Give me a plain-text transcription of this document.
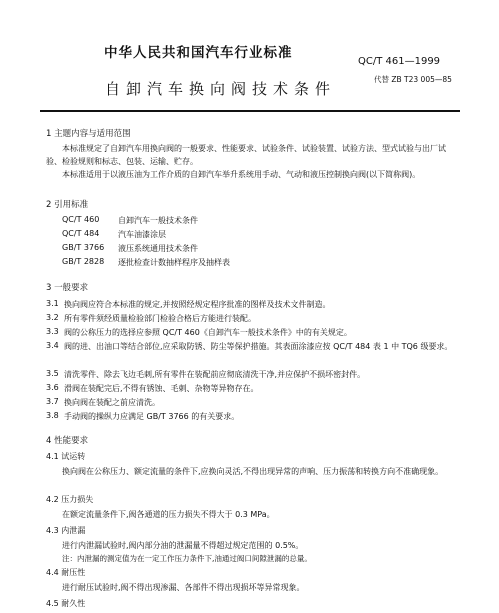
中华人民共和国汽车行业标准
QC/T 461—1999
自卸汽车换向阀技术条件
代替 ZB T23 005—85
1 主题内容与适用范围
本标准规定了自卸汽车用换向阀的一般要求、性能要求、试验条件、试验装置、试验方法、型式试验与出厂试验、检验规则和标志、包装、运输、贮存。
本标准适用于以液压油为工作介质的自卸汽车举升系统用手动、气动和液压控制换向阀(以下简称阀)。
2 引用标准
QC/T 460 自卸汽车一般技术条件
QC/T 484 汽车油漆涂层
GB/T 3766 液压系统通用技术条件
GB/T 2828 逐批检查计数抽样程序及抽样表
3 一般要求
3.1 换向阀应符合本标准的规定,并按照经规定程序批准的图样及技术文件制造。
3.2 所有零件须经质量检验部门检验合格后方能进行装配。
3.3 阀的公称压力的选择应参照 QC/T 460《自卸汽车一般技术条件》中的有关规定。
3.4 阀的进、出油口等结合部位,应采取防锈、防尘等保护措施。其表面涂漆应按 QC/T 484 表 1 中 TQ6 级要求。
3.5 清洗零件、除去飞边毛刺,所有零件在装配前应彻底清洗干净,并应保护不损坏密封件。
3.6 滑阀在装配完后,不得有锈蚀、毛刺、杂物等异物存在。
3.7 换向阀在装配之前应清洗。
3.8 手动阀的操纵力应满足 GB/T 3766 的有关要求。
4 性能要求
4.1 试运转
换向阀在公称压力、额定流量的条件下,应换向灵活,不得出现异常的声响、压力振荡和转换方向不准确现象。
4.2 压力损失
在额定流量条件下,阀各通道的压力损失不得大于 0.3 MPa。
4.3 内泄漏
进行内泄漏试验时,阀内部分油的泄漏量不得超过规定范围的 0.5%。
注：内泄漏的测定值为在一定工作压力条件下,油通过阀口间隙泄漏的总量。
4.4 耐压性
进行耐压试验时,阀不得出现渗漏、各部件不得出现损坏等异常现象。
4.5 耐久性
